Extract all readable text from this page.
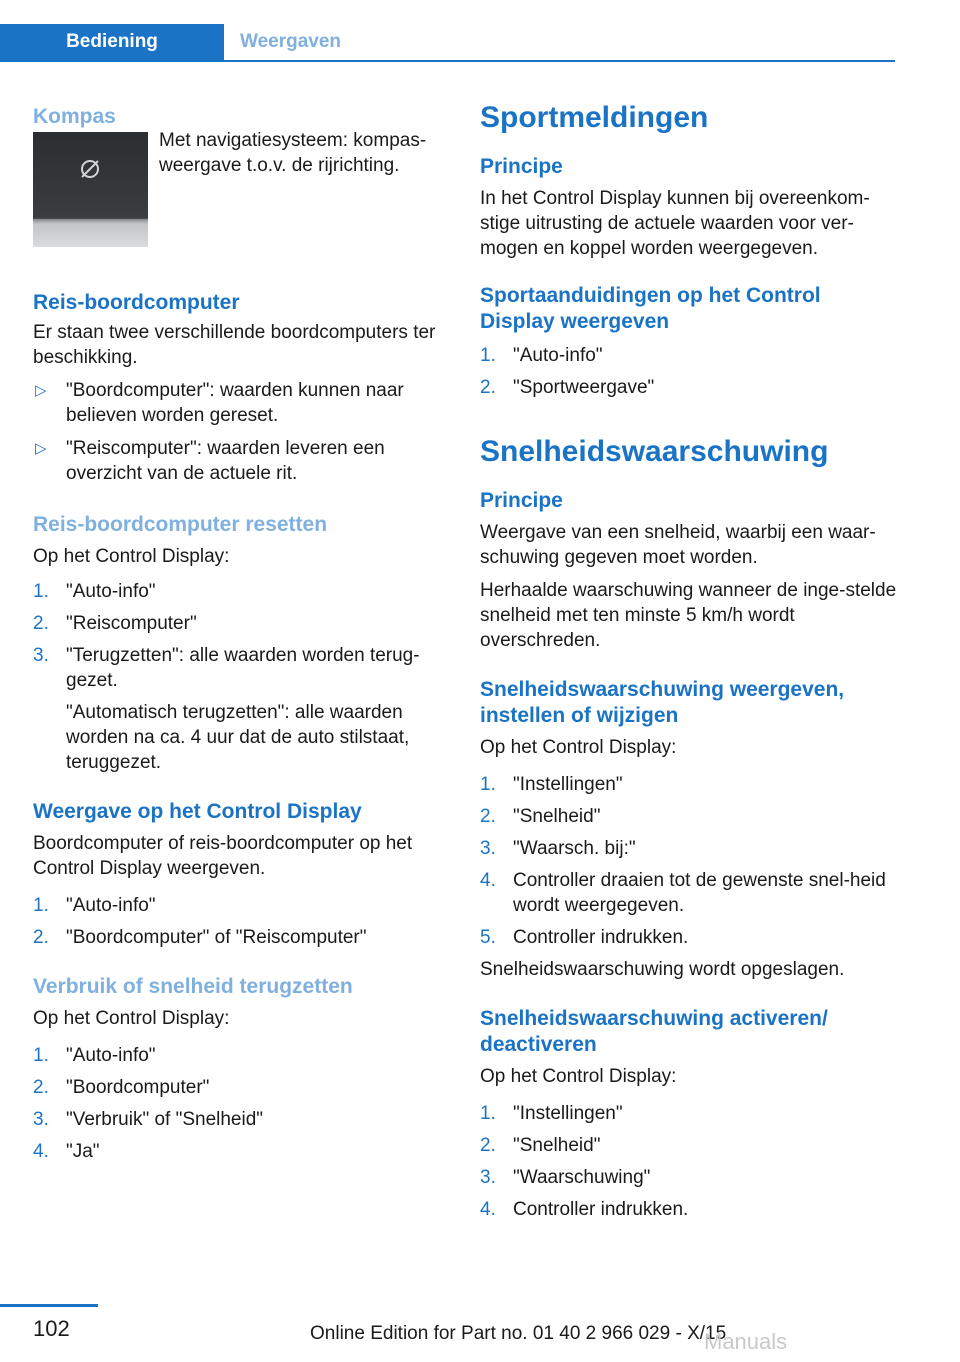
Bediening	Weergaven
Kompas

Met navigatiesysteem: kompas-weergave t.o.v. de rijrichting.

Reis-boordcomputer

Er staan twee verschillende boordcomputers ter beschikking.

▷ "Boordcomputer": waarden kunnen naar believen worden gereset.
▷ "Reiscomputer": waarden leveren een overzicht van de actuele rit.
Reis-boordcomputer resetten

Op het Control Display:

1. "Auto-info"
2. "Reiscomputer"
3. "Terugzetten": alle waarden worden terug-gezet.

"Automatisch terugzetten": alle waarden worden na ca. 4 uur dat de auto stilstaat, teruggezet.

Weergave op het Control Display

Boordcomputer of reis-boordcomputer op het Control Display weergeven.

1. "Auto-info"
2. "Boordcomputer" of "Reiscomputer"
Verbruik of snelheid terugzetten

Op het Control Display:

1. "Auto-info"
2. "Boordcomputer"
3. "Verbruik" of "Snelheid"
4. "Ja"
Sportmeldingen
Principe

In het Control Display kunnen bij overeenkom-stige uitrusting de actuele waarden voor ver-mogen en koppel worden weergegeven.

Sportaanduidingen op het Control Display weergeven
1. "Auto-info"
2. "Sportweergave"
Snelheidswaarschuwing
Principe

Weergave van een snelheid, waarbij een waar-schuwing gegeven moet worden.

Herhaalde waarschuwing wanneer de inge-stelde snelheid met ten minste 5 km/h wordt overschreden.

Snelheidswaarschuwing weergeven, instellen of wijzigen

Op het Control Display:

1. "Instellingen"
2. "Snelheid"
3. "Waarsch. bij:"
4. Controller draaien tot de gewenste snel-heid wordt weergegeven.
5. Controller indrukken.

Snelheidswaarschuwing wordt opgeslagen.

Snelheidswaarschuwing activeren/ deactiveren

Op het Control Display:

1. "Instellingen"
2. "Snelheid"
3. "Waarschuwing"
4. Controller indrukken.
102	Online Edition for Part no. 01 40 2 966 029 - X/15
Manuals
